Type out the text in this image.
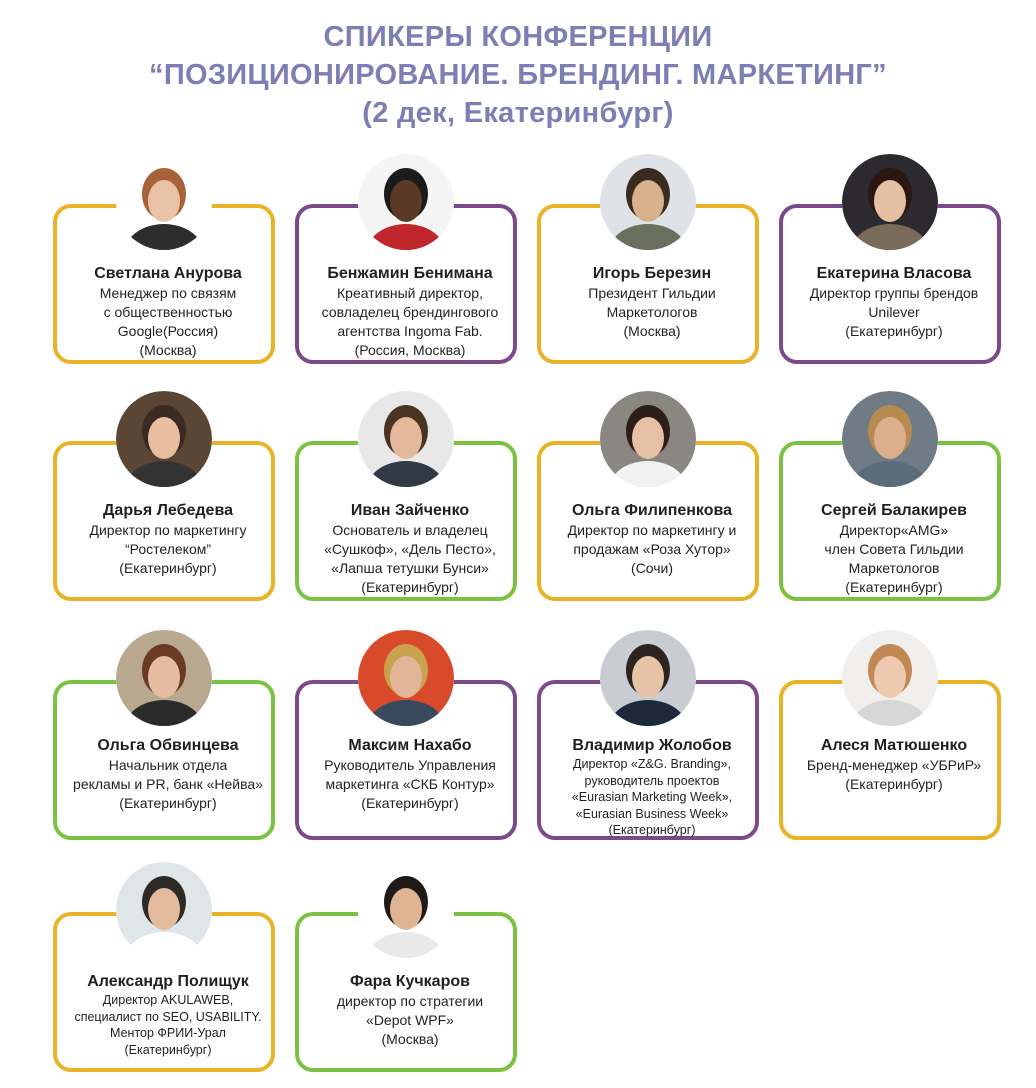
СПИКЕРЫ КОНФЕРЕНЦИИ
“ПОЗИЦИОНИРОВАНИЕ. БРЕНДИНГ. МАРКЕТИНГ”
(2 дек, Екатеринбург)
Светлана Анурова
Менеджер по связям
с общественностью
Google(Россия)
(Москва)
Бенжамин Бенимана
Креативный директор,
совладелец брендингового
агентства Ingoma Fab.
(Россия, Москва)
Игорь Березин
Президент Гильдии
Маркетологов
(Москва)
Екатерина Власова
Директор группы брендов
Unilever
(Екатеринбург)
Дарья Лебедева
Директор по маркетингу
“Ростелеком”
(Екатеринбург)
Иван Зайченко
Основатель и владелец
«Сушкоф», «Дель Песто»,
«Лапша тетушки Бунси»
(Екатеринбург)
Ольга Филипенкова
Директор по маркетингу и
продажам «Роза Хутор»
(Сочи)
Сергей Балакирев
Директор«AMG»
член Совета Гильдии
Маркетологов
(Екатеринбург)
Ольга Обвинцева
Начальник отдела
рекламы и PR, банк «Нейва»
(Екатеринбург)
Максим Нахабо
Руководитель Управления
маркетинга «СКБ Контур»
(Екатеринбург)
Владимир Жолобов
Директор «Z&G. Branding»,
руководитель проектов
«Eurasian Marketing Week»,
«Eurasian Business Week»
(Екатеринбург)
Алеся Матюшенко
Бренд-менеджер «УБРиР»
(Екатеринбург)
Александр Полищук
Директор AKULAWEB,
специалист по SEO, USABILITY.
Ментор ФРИИ-Урал
(Екатеринбург)
Фара Кучкаров
директор по стратегии
«Depot WPF»
(Москва)
